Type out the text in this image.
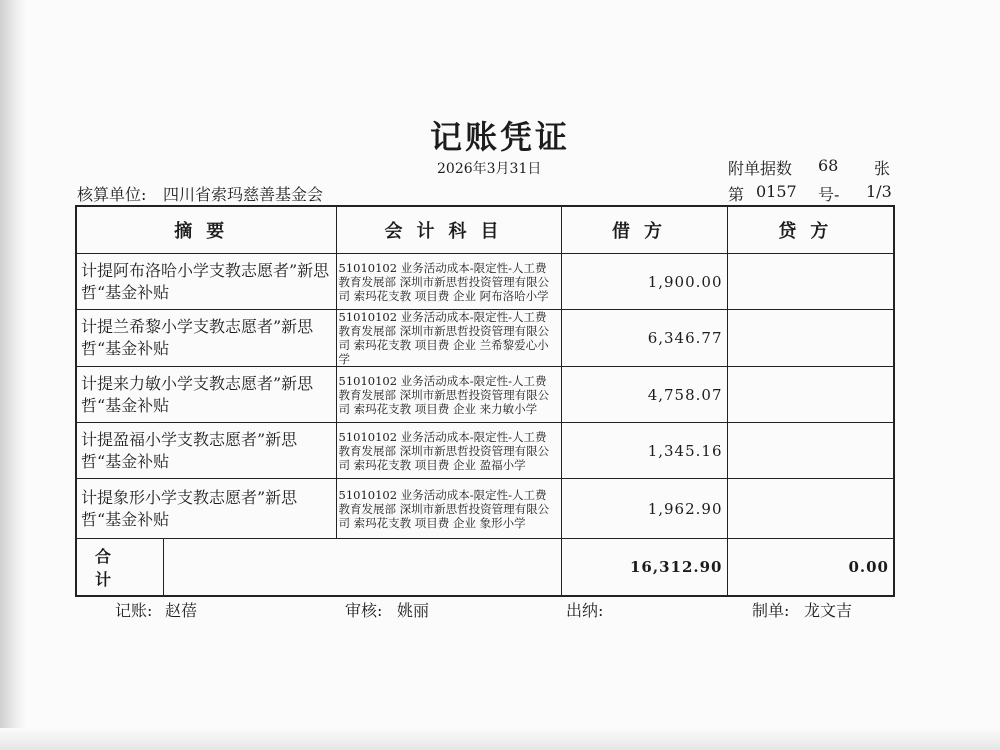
记账凭证
2026年3月31日	附单据数 68 张
核算单位: 四川省索玛慈善基金会	第 0157 号- 1/3
摘要		会计科目	借方	贷方
计提阿布洛哈小学支教志愿者”新思哲“基金补贴		51010102 业务活动成本-限定性-人工费 教育发展部 深圳市新思哲投资管理有限公司 索玛花支教 项目费 企业 阿布洛哈小学	1,900.00	
计提兰希黎小学支教志愿者”新思哲“基金补贴		51010102 业务活动成本-限定性-人工费 教育发展部 深圳市新思哲投资管理有限公司 索玛花支教 项目费 企业 兰希黎爱心小学	6,346.77	
计提来力敏小学支教志愿者”新思哲“基金补贴		51010102 业务活动成本-限定性-人工费 教育发展部 深圳市新思哲投资管理有限公司 索玛花支教 项目费 企业 来力敏小学	4,758.07	
计提盈福小学支教志愿者”新思哲“基金补贴		51010102 业务活动成本-限定性-人工费 教育发展部 深圳市新思哲投资管理有限公司 索玛花支教 项目费 企业 盈福小学	1,345.16	
计提象形小学支教志愿者”新思哲“基金补贴		51010102 业务活动成本-限定性-人工费 教育发展部 深圳市新思哲投资管理有限公司 索玛花支教 项目费 企业 象形小学	1,962.90	
合计			16,312.90	0.00
记账: 赵蓓	审核: 姚丽	出纳:	制单: 龙文吉
